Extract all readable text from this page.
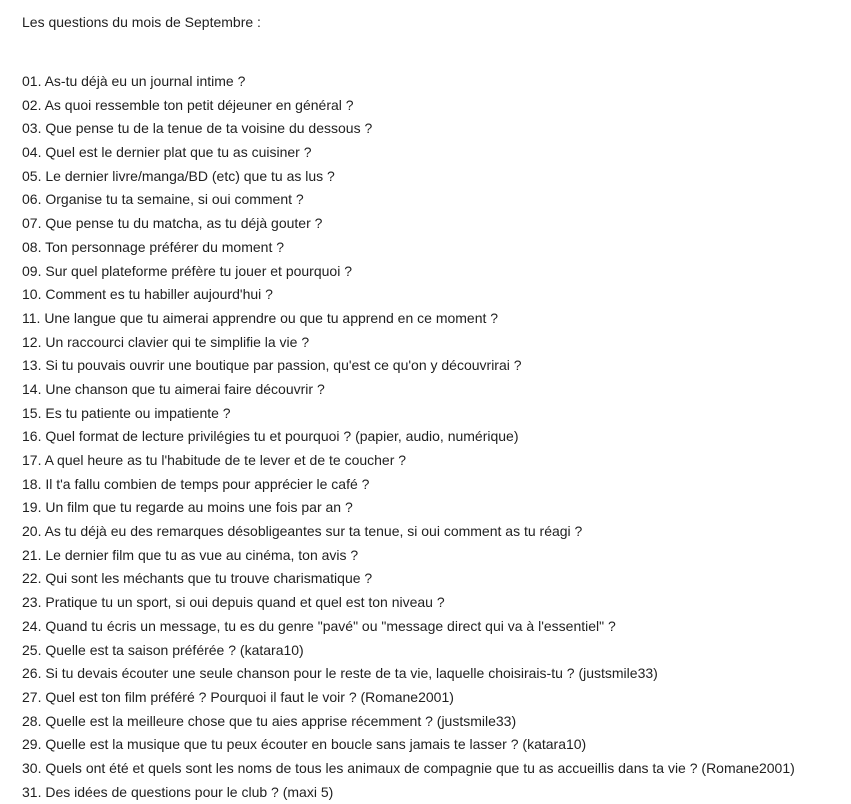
Les questions du mois de Septembre :

01. As-tu déjà eu un journal intime ?
02. As quoi ressemble ton petit déjeuner en général ?
03. Que pense tu de la tenue de ta voisine du dessous ?
04. Quel est le dernier plat que tu as cuisiner ?
05. Le dernier livre/manga/BD (etc) que tu as lus ?
06. Organise tu ta semaine, si oui comment ?
07. Que pense tu du matcha, as tu déjà gouter ?
08. Ton personnage préférer du moment ?
09. Sur quel plateforme préfère tu jouer et pourquoi ?
10. Comment es tu habiller aujourd'hui ?
11. Une langue que tu aimerai apprendre ou que tu apprend en ce moment ?
12. Un raccourci clavier qui te simplifie la vie ?
13. Si tu pouvais ouvrir une boutique par passion, qu'est ce qu'on y découvrirai ?
14. Une chanson que tu aimerai faire découvrir ?
15. Es tu patiente ou impatiente ?
16. Quel format de lecture privilégies tu et pourquoi ? (papier, audio, numérique)
17. A quel heure as tu l'habitude de te lever et de te coucher ?
18. Il t'a fallu combien de temps pour apprécier le café ?
19. Un film que tu regarde au moins une fois par an ?
20. As tu déjà eu des remarques désobligeantes sur ta tenue, si oui comment as tu réagi ?
21. Le dernier film que tu as vue au cinéma, ton avis ?
22. Qui sont les méchants que tu trouve charismatique ?
23. Pratique tu un sport, si oui depuis quand et quel est ton niveau ?
24. Quand tu écris un message, tu es du genre "pavé" ou "message direct qui va à l'essentiel" ?
25. Quelle est ta saison préférée ? (katara10)
26. Si tu devais écouter une seule chanson pour le reste de ta vie, laquelle choisirais-tu ? (justsmile33)
27. Quel est ton film préféré ? Pourquoi il faut le voir ? (Romane2001)
28. Quelle est la meilleure chose que tu aies apprise récemment ? (justsmile33)
29. Quelle est la musique que tu peux écouter en boucle sans jamais te lasser ? (katara10)
30. Quels ont été et quels sont les noms de tous les animaux de compagnie que tu as accueillis dans ta vie ? (Romane2001)
31. Des idées de questions pour le club ? (maxi 5)
